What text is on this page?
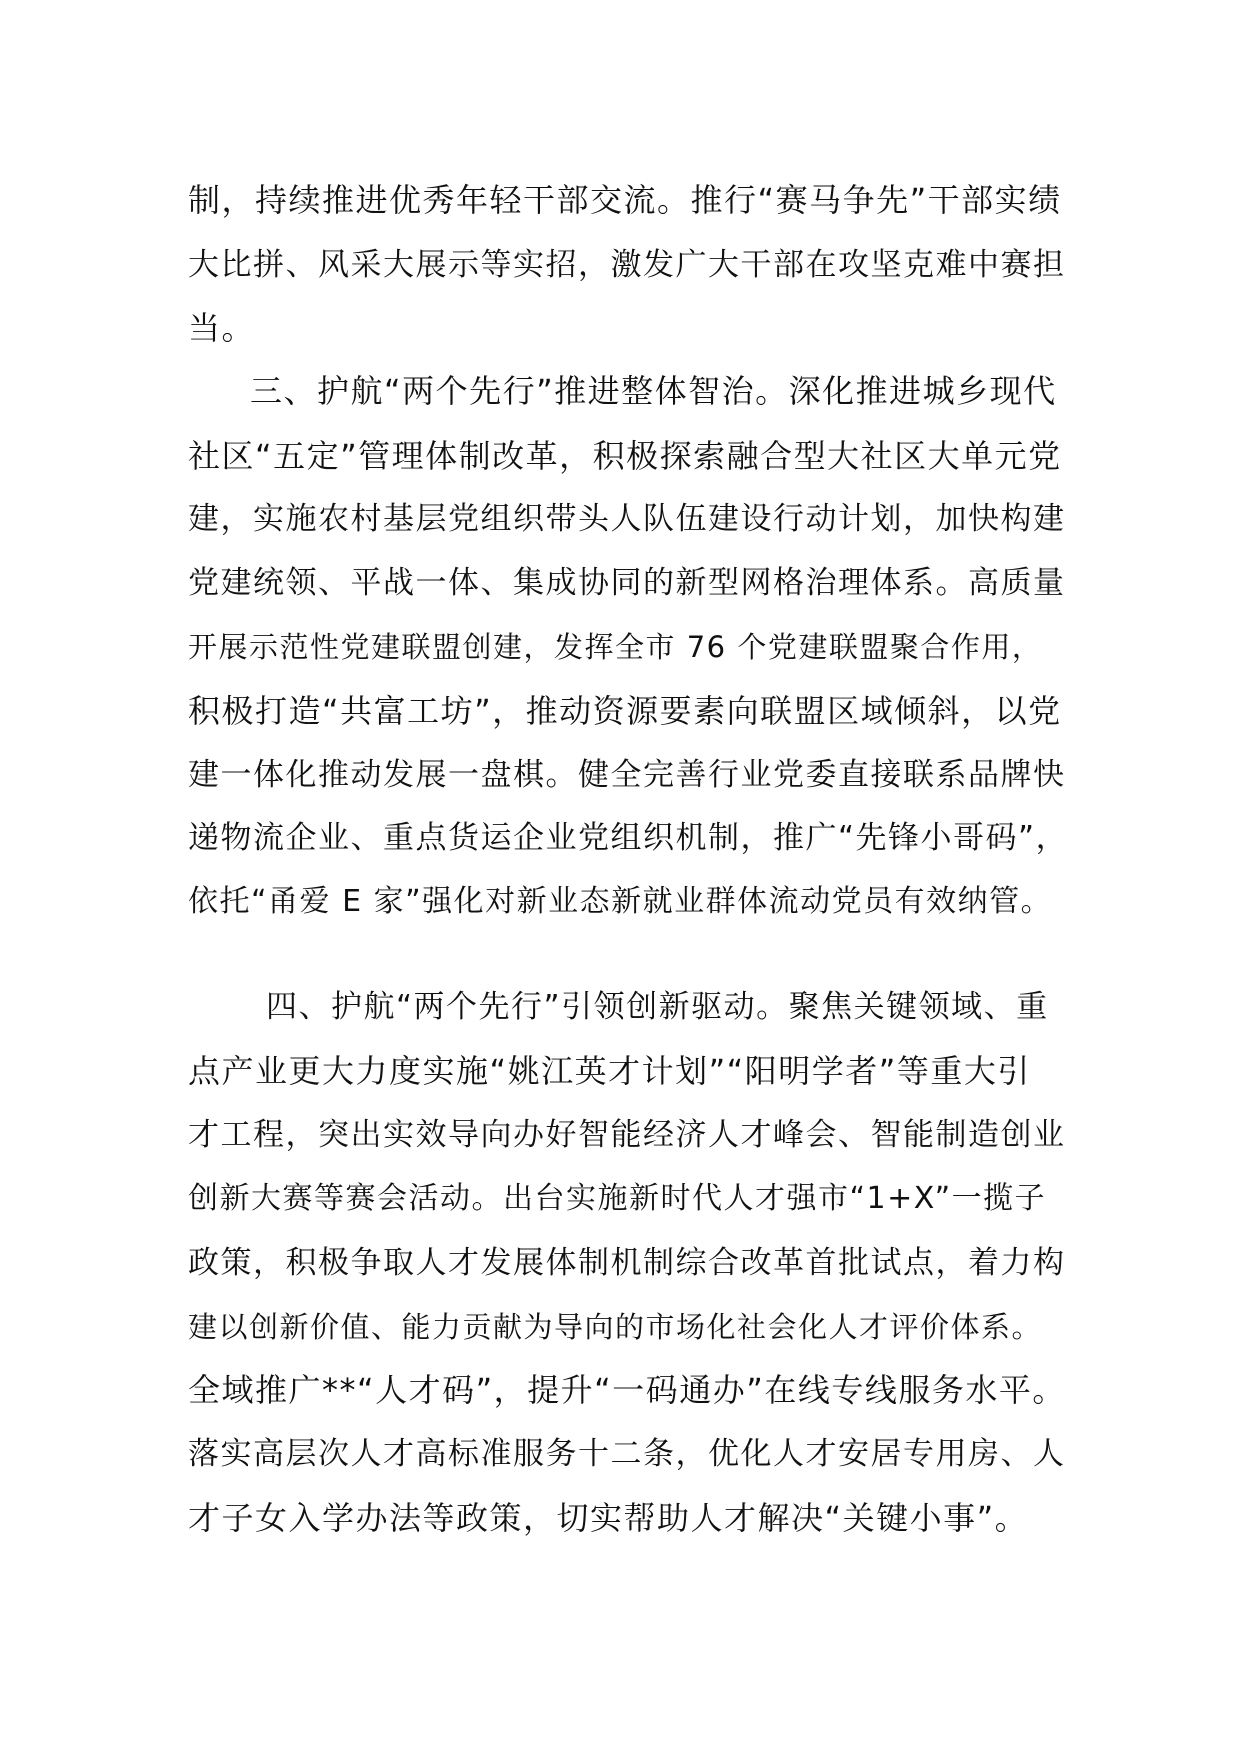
制，持续推进优秀年轻干部交流。推行“赛马争先”干部实绩
大比拼、风采大展示等实招，激发广大干部在攻坚克难中赛担
当。
三、护航“两个先行”推进整体智治。深化推进城乡现代
社区“五定”管理体制改革，积极探索融合型大社区大单元党
建，实施农村基层党组织带头人队伍建设行动计划，加快构建
党建统领、平战一体、集成协同的新型网格治理体系。高质量
开展示范性党建联盟创建，发挥全市 76 个党建联盟聚合作用，
积极打造“共富工坊”，推动资源要素向联盟区域倾斜，以党
建一体化推动发展一盘棋。健全完善行业党委直接联系品牌快
递物流企业、重点货运企业党组织机制，推广“先锋小哥码”，
依托“甬爱 E 家”强化对新业态新就业群体流动党员有效纳管。
四、护航“两个先行”引领创新驱动。聚焦关键领域、重
点产业更大力度实施“姚江英才计划”“阳明学者”等重大引
才工程，突出实效导向办好智能经济人才峰会、智能制造创业
创新大赛等赛会活动。出台实施新时代人才强市“1+X”一揽子
政策，积极争取人才发展体制机制综合改革首批试点，着力构
建以创新价值、能力贡献为导向的市场化社会化人才评价体系。
全域推广**“人才码”，提升“一码通办”在线专线服务水平。
落实高层次人才高标准服务十二条，优化人才安居专用房、人
才子女入学办法等政策，切实帮助人才解决“关键小事”。
